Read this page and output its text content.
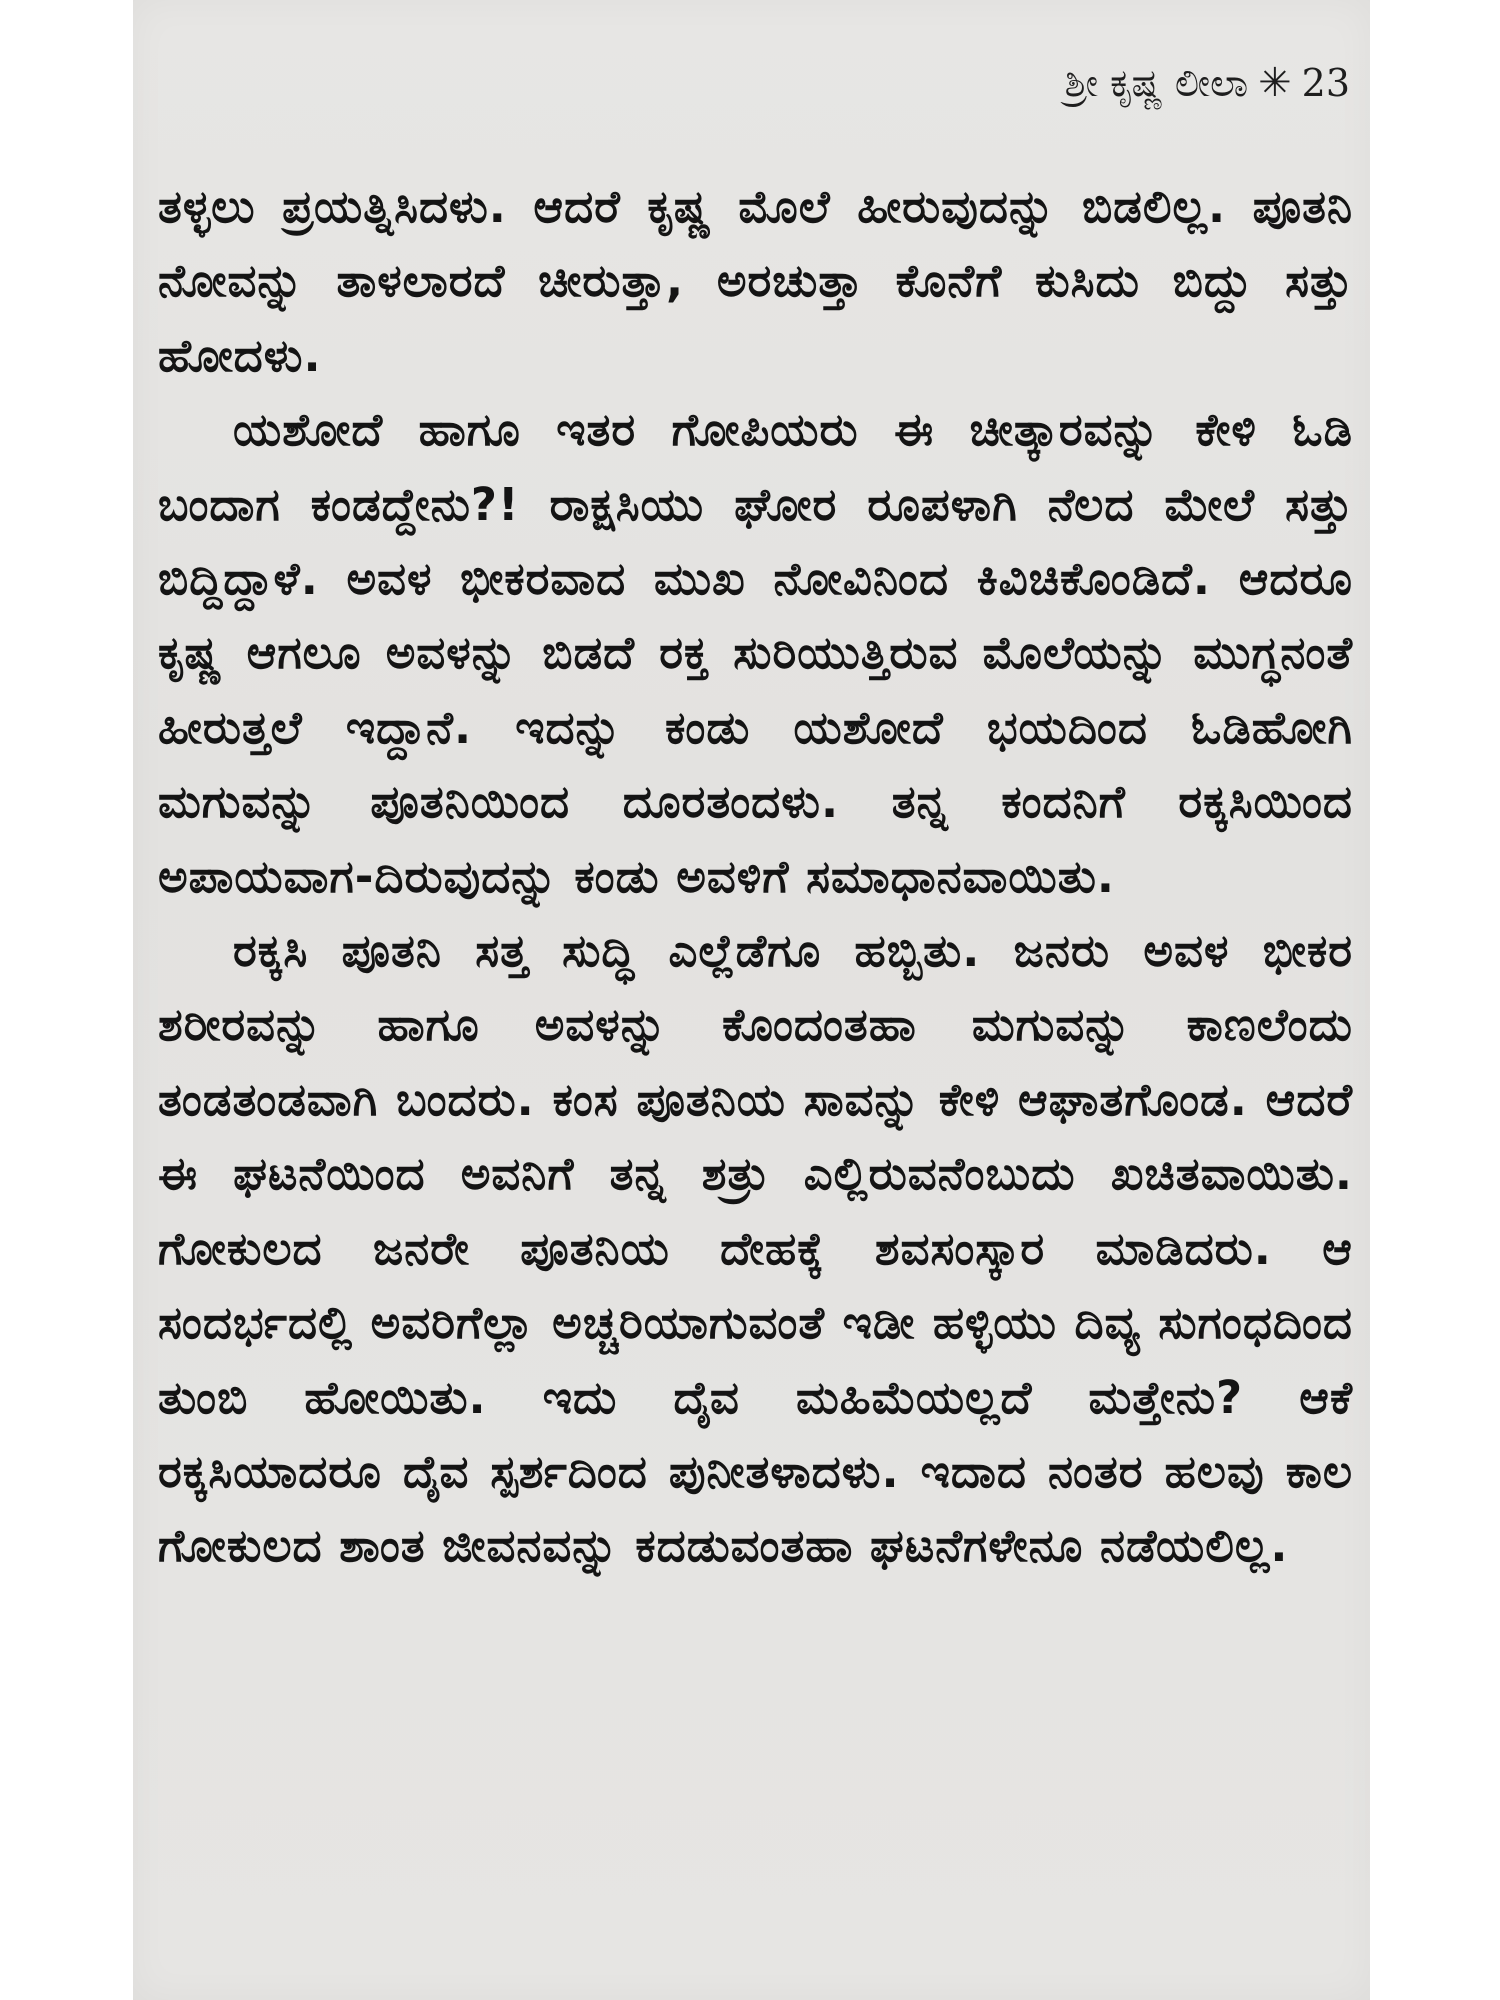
ಶ್ರೀ ಕೃಷ್ಣ ಲೀಲಾ ✳ 23

ತಳ್ಳಲು ಪ್ರಯತ್ನಿಸಿದಳು. ಆದರೆ ಕೃಷ್ಣ ಮೊಲೆ ಹೀರುವುದನ್ನು ಬಿಡಲಿಲ್ಲ. ಪೂತನಿ ನೋವನ್ನು ತಾಳಲಾರದೆ ಚೀರುತ್ತಾ, ಅರಚುತ್ತಾ ಕೊನೆಗೆ ಕುಸಿದು ಬಿದ್ದು ಸತ್ತು ಹೋದಳು.

ಯಶೋದೆ ಹಾಗೂ ಇತರ ಗೋಪಿಯರು ಈ ಚೀತ್ಕಾರವನ್ನು ಕೇಳಿ ಓಡಿ ಬಂದಾಗ ಕಂಡದ್ದೇನು?! ರಾಕ್ಷಸಿಯು ಘೋರ ರೂಪಳಾಗಿ ನೆಲದ ಮೇಲೆ ಸತ್ತು ಬಿದ್ದಿದ್ದಾಳೆ. ಅವಳ ಭೀಕರವಾದ ಮುಖ ನೋವಿನಿಂದ ಕಿವಿಚಿಕೊಂಡಿದೆ. ಆದರೂ ಕೃಷ್ಣ ಆಗಲೂ ಅವಳನ್ನು ಬಿಡದೆ ರಕ್ತ ಸುರಿಯುತ್ತಿರುವ ಮೊಲೆಯನ್ನು ಮುಗ್ಧನಂತೆ ಹೀರುತ್ತಲೆ ಇದ್ದಾನೆ. ಇದನ್ನು ಕಂಡು ಯಶೋದೆ ಭಯದಿಂದ ಓಡಿಹೋಗಿ ಮಗುವನ್ನು ಪೂತನಿಯಿಂದ ದೂರತಂದಳು. ತನ್ನ ಕಂದನಿಗೆ ರಕ್ಕಸಿಯಿಂದ ಅಪಾಯವಾಗ-ದಿರುವುದನ್ನು ಕಂಡು ಅವಳಿಗೆ ಸಮಾಧಾನವಾಯಿತು.

ರಕ್ಕಸಿ ಪೂತನಿ ಸತ್ತ ಸುದ್ಧಿ ಎಲ್ಲೆಡೆಗೂ ಹಬ್ಬಿತು. ಜನರು ಅವಳ ಭೀಕರ ಶರೀರವನ್ನು ಹಾಗೂ ಅವಳನ್ನು ಕೊಂದಂತಹಾ ಮಗುವನ್ನು ಕಾಣಲೆಂದು ತಂಡತಂಡವಾಗಿ ಬಂದರು. ಕಂಸ ಪೂತನಿಯ ಸಾವನ್ನು ಕೇಳಿ ಆಘಾತಗೊಂಡ. ಆದರೆ ಈ ಘಟನೆಯಿಂದ ಅವನಿಗೆ ತನ್ನ ಶತ್ರು ಎಲ್ಲಿರುವನೆಂಬುದು ಖಚಿತವಾಯಿತು. ಗೋಕುಲದ ಜನರೇ ಪೂತನಿಯ ದೇಹಕ್ಕೆ ಶವಸಂಸ್ಕಾರ ಮಾಡಿದರು. ಆ ಸಂದರ್ಭದಲ್ಲಿ ಅವರಿಗೆಲ್ಲಾ ಅಚ್ಚರಿಯಾಗುವಂತೆ ಇಡೀ ಹಳ್ಳಿಯು ದಿವ್ಯ ಸುಗಂಧದಿಂದ ತುಂಬಿ ಹೋಯಿತು. ಇದು ದೈವ ಮಹಿಮೆಯಲ್ಲದೆ ಮತ್ತೇನು? ಆಕೆ ರಕ್ಕಸಿಯಾದರೂ ದೈವ ಸ್ಪರ್ಶದಿಂದ ಪುನೀತಳಾದಳು. ಇದಾದ ನಂತರ ಹಲವು ಕಾಲ ಗೋಕುಲದ ಶಾಂತ ಜೀವನವನ್ನು ಕದಡುವಂತಹಾ ಘಟನೆಗಳೇನೂ ನಡೆಯಲಿಲ್ಲ.
